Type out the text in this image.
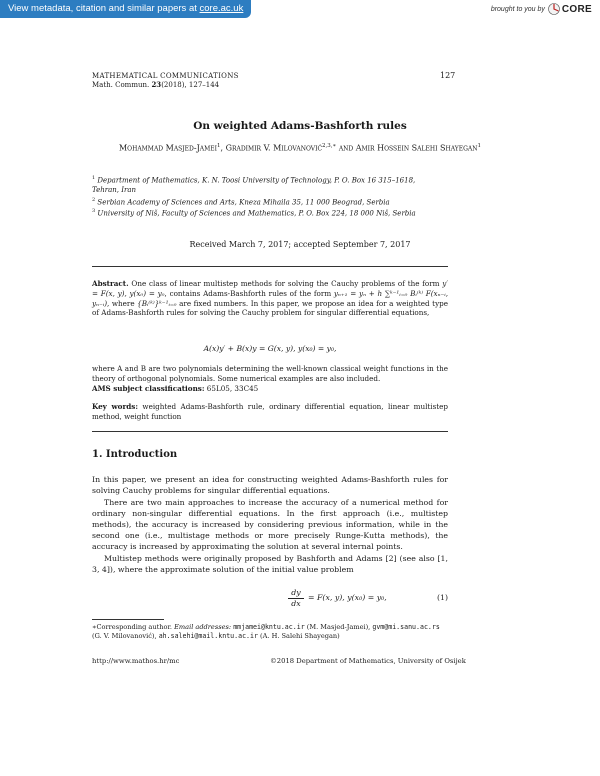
View metadata, citation and similar papers at core.ac.uk	brought to you by CORE
MATHEMATICAL COMMUNICATIONS
Math. Commun. 23(2018), 127–144
127
On weighted Adams-Bashforth rules
Mohammad Masjed-Jamei$^1$, Gradimir V. Milovanović$^{2,3,∗}$ and Amir Hossein Salehi Shayegan$^1$
$^1$ Department of Mathematics, K. N. Toosi University of Technology, P. O. Box 16 315–1618, Tehran, Iran
$^2$ Serbian Academy of Sciences and Arts, Kneza Mihaila 35, 11 000 Beograd, Serbia
$^3$ University of Niš, Faculty of Sciences and Mathematics, P. O. Box 224, 18 000 Niš, Serbia
Received March 7, 2017; accepted September 7, 2017
Abstract. One class of linear multistep methods for solving the Cauchy problems of the form y′ = F(x, y), y(x₀) = y₀, contains Adams-Bashforth rules of the form yₙ₊₁ = yₙ + h ∑ᵏ⁻¹ᵢ₌₀ Bᵢ⁽ᵏ⁾ F(xₙ₋ᵢ, yₙ₋ᵢ), where {Bᵢ⁽ᵏ⁾}ᵏ⁻¹ᵢ₌₀ are fixed numbers. In this paper, we propose an idea for a weighted type of Adams-Bashforth rules for solving the Cauchy problem for singular differential equations,
A(x)y′ + B(x)y = G(x, y), y(x₀) = y₀,
where A and B are two polynomials determining the well-known classical weight functions in the theory of orthogonal polynomials. Some numerical examples are also included.
AMS subject classifications: 65L05, 33C45
Key words: weighted Adams-Bashforth rule, ordinary differential equation, linear multistep method, weight function
1. Introduction
In this paper, we present an idea for constructing weighted Adams-Bashforth rules for solving Cauchy problems for singular differential equations.
There are two main approaches to increase the accuracy of a numerical method for ordinary non-singular differential equations. In the first approach (i.e., multistep methods), the accuracy is increased by considering previous information, while in the second one (i.e., multistage methods or more precisely Runge-Kutta methods), the accuracy is increased by approximating the solution at several internal points.
Multistep methods were originally proposed by Bashforth and Adams [2] (see also [1, 3, 4]), where the approximate solution of the initial value problem
$\frac{dy}{dx} = F(x$, y), y(x₀) = y₀,	(1)
∗Corresponding author. Email addresses: mmjamei@kntu.ac.ir (M. Masjed-Jamei), gvm@mi.sanu.ac.rs (G. V. Milovanović), ah.salehi@mail.kntu.ac.ir (A. H. Salehi Shayegan)
http://www.mathos.hr/mc	©2018 Department of Mathematics, University of Osijek
